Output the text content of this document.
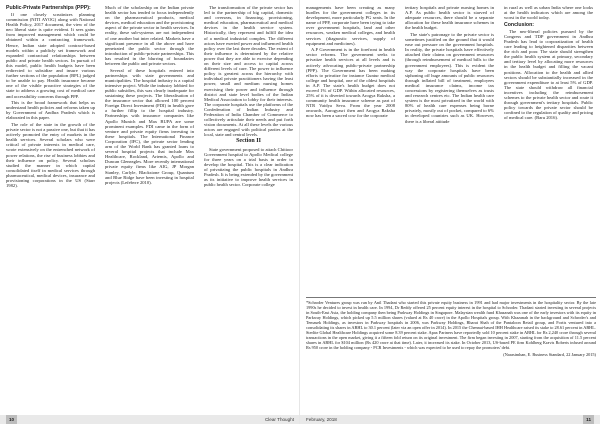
Public-Private Partnerships (PPP):

If one closely scrutinizes planning commission (NITI AYOG) along with National Health Policy, 2017 document, the view of the neo liberal state is quite evident. It sees gains from improved management which could be obtained within a contracting framework. Hence, Indian state adopted contract-based models within a publicly set framework and expanded contractual relationships between public and private health sectors. In pursuit of this model, public health budgets have been redirected to subsidize and insure various further sections of the population (BPL) judged to be unable to pay. Health insurance became one of the visible proactive strategies of the state to address a growing cost of medical care and accessibility concerns through PPP.

This is the broad framework that helps us understand health policies and reforms taken up by Government of Andhra Pradesh which is elaborated in this paper.

The role of the state in the growth of the private sector is not a passive one, but that it has actively promoted the entry of markets in the health services. Several scholars who were critical of private interests in medical care, wrote extensively on the entrenched network of power relations, the rise of business lobbies and their influence on policy. Several scholars studied the manner in which capital consolidated itself in medical services through pharmaceutical, medical devices, insurance and provisioning corporations in the US (Starr 1982).

Much of the scholarship on the Indian private health sector has tended to focus independently on the pharmaceutical products, medical devices, medical education and the provisioning aspect of the private sector in health services. In reality, these sub-systems are not independent of one another but inter related. Markets have a significant presence in all the above and have penetrated the public sector through the introduction of public-private partnerships. This has resulted in the blurring of boundaries between the public and private sectors.

Several of these hospitals entered into partnerships with state governments and municipalities. The hospital industry is a capital intensive project. While the industry lobbied for public subsidies, this was clearly inadequate for sustaining these projects. The liberalisation of the insurance sector that allowed 100 percent Foreign Direct Investment (FDI) in health gave a further fillip to the hospital industry. Partnerships with insurance companies like Apollo Munich and Max BUPA are some prominent examples. FDI came in the form of venture and private equity firms investing in these hospitals. The International Finance Corporation (IFC), the private sector lending arm of the World Bank has granted loans to several hospital projects that include Max Healthcare, Rockland, Artemis, Apollo and Duncan Gleneagles. More recently international private equity firms like AIG, JP Morgan Stanley, Carlyle, Blackstone Group, Quantum and Blue Ridge have been investing in hospital projects (Lefebvre 2010).

The transformation of the private sector has led to the partnership of big capital, domestic and overseas, in financing, provisioning, medical education, pharmaceutical and medical devices in the health service system. Historically, they represent and fulfill the idea of a medical industrial complex. The different actors have exerted power and influenced health policy over the last three decades. The extent of their influence is determined by the relative power that they are able to exercise depending on their size and access to capital across different levels of care. The power to influence policy is greatest across the hierarchy with individual private practitioners having the least power, small and medium nursing homes exercising their power and influence through district and state level bodies of the Indian Medical Association to lobby for their interests. The corporate hospitals use the platforms of the Confederation of Indian Industry and Federation of India Chamber of Commerce to collectively articulate their needs and put forth vision documents. At all these levels the various actors are engaged with political parties at the local, state and central levels.

Section II

State government proposed to attach Chittoor Government hospital to Apollo Medical college for three years on a trial basis in order to develop the hospital. This is a clear indication of privatizing the public hospitals in Andhra Pradesh. It is being extended by the government as its initiative to improve health services in public health sector. Corporate college

10	Clear Thought

managements have been creating as many hurdles for the government colleges in its development, more particularly PG seats. In the name of PPP, corporate have been trying to take over government hospitals, land and other resources, weaken medical colleges, and health services (diagnostic services, supply of equipment and medicines).

A.P Government is in the forefront in health sector reforms. The government seeks to privatize health services at all levels and is actively advocating public-private partnership (PPP). The Government has been making efforts to privatize for instance Guntur medical college and hospital, one of the oldest hospitals in A.P. The state's health budget does not exceed 1% of GDP. Within allocated resources, 25% of it is diverted towards Arogya Raksha, a community health insurance scheme as part of NTR Vaidya Seva. From the year 2008 onwards, Aarogyasri then and Arogya Raksha now has been a sacred cow for the corporate

tertiary hospitals and private nursing homes in A.P. As public health sector is starved of adequate resources, there should be a separate allocation for these health insurance schemes in the health budget.

The state's patronage to the private sector is sometimes justified on the ground that it would ease out pressure on the government hospitals. In reality, the private hospitals have effectively attached their claims on government resources (through reimbursement of medical bills to the government employees). This is evident the way the corporate hospitals have been siphoning off huge amounts of public resources through inflated bill of treatment, employees medical insurance claims, income tax concessions by registering themselves as trusts and research centres etc. The Indian health care system is the most privatized in the world with 80% of health care expenses being borne privately, mostly out of pocket, compared to 6% in developed countries such as UK. However, there is a liberal attitude

in rural as well as urban India where one looks at the health indicators which are among the worst in the world today.

Conclusion:

The neo-liberal policies pursued by the Congress and TDP government in Andhra Pradesh has lead to corporatization of health care leading to heightened disparities between the rich and poor. The state should strengthen the public health system at primary, secondary and tertiary level by allocating more resources in the health budget and filling the vacant positions. Allocation to the health and allied sectors should be substantially increased in the government expenditure to at least 5% of GDP. The state should withdraw all financial incentives including the reimbursement schemes to the private health sector and route it through government's tertiary hospitals. Public policy towards the private sector should be confined to the regulation of quality and pricing of medical care. (Baru 2016).

*Schroder Ventures group was run by Anil Thadani who started this private equity business in 1991 and had major investments in the hospitality sector. By the late 1990s he decided to invest in health care. In 1994, Dr Reddy offered 25 percent equity interest in the hospital to Schroder. Thadani started investing in several projects in South-East Asia, the holding company then being Parkway Holdings in Singapore. Malaysian wealth fund Khazanah was one of the early investors with its equity in Parkway Holdings, which picked up 5.5 million shares (valued at Rs 40 crore) in the Apollo Hospitals group. With Khazanah in the background and Schroder's and Temasek Holdings, as investors in Parkway hospitals in 2006, was Parkway Holdings, Bharat Shah of the Pantaloon Retail group, and Fortis ventured into a consolidating its shares in ABHL to 30.1 percent (later via an open offer in 2014). In 2015 the Chennai-based IHH Healthcare raised its stake to 28.61 percent in ABHL. Sterlite Global Healthcare Holdings acquired some 8.39 percent stake. Apax Partners have reportedly sold 10 percent stake in ABHL for Rs 2,240 crore through several transactions in the open market, giving it a fifteen fold return on its original investment. The firm began investing in 2007, starting from the acquisition of 11.5 percent shares in ABHL for $104 million (Rs 420 crore at that time). Later, it increased its stake. In October 2013, US-based PE firm Kohlberg Kravis Roberts infused around Rs 950 crore in the holding company - PCR Investments - which was expected to be used to repay the promoters' debt.

(Narasimhan, E. Business Standard, 22 January 2015)

February, 2018	11
